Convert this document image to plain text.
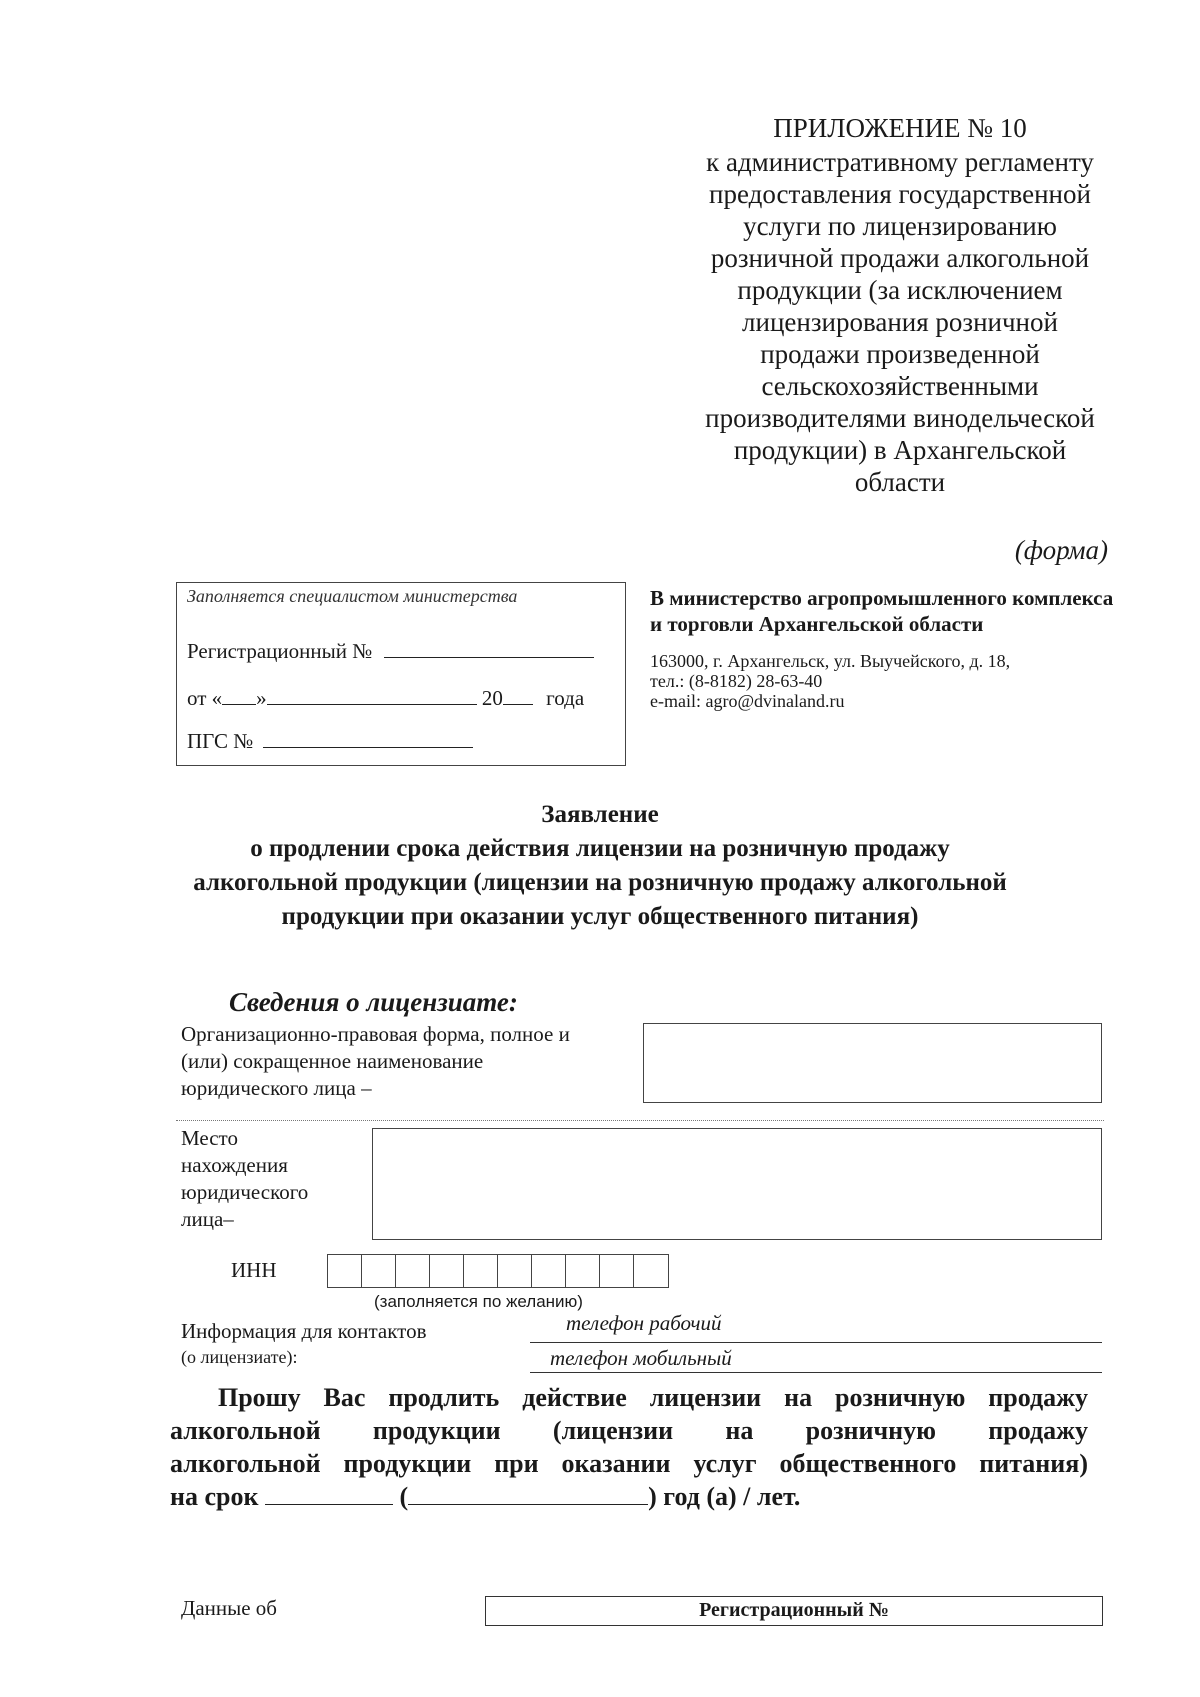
ПРИЛОЖЕНИЕ № 10
к административному регламенту
предоставления государственной
услуги по лицензированию
розничной продажи алкогольной
продукции (за исключением
лицензирования розничной
продажи произведенной
сельскохозяйственными
производителями винодельческой
продукции) в Архангельской
области
(форма)
Заполняется специалистом министерства
Регистрационный №
от « »	20 года
ПГС №
В министерство агропромышленного комплекса и торговли Архангельской области
163000, г. Архангельск, ул. Выучейского, д. 18,
тел.: (8-8182) 28-63-40
e-mail: agro@dvinaland.ru
Заявление
о продлении срока действия лицензии на розничную продажу
алкогольной продукции (лицензии на розничную продажу алкогольной
продукции при оказании услуг общественного питания)
Сведения о лицензиате:
Организационно-правовая форма, полное и
(или) сокращенное наименование
юридического лица –
Место
нахождения
юридического
лица–
ИНН
(заполняется по желанию)
Информация для контактов
(о лицензиате):
телефон рабочий
телефон мобильный
Прошу Вас продлить действие лицензии на розничную продажу
алкогольной продукции (лицензии на розничную продажу
алкогольной продукции при оказании услуг общественного питания)
на срок	(	) год (а) / лет.
Данные об	Регистрационный №
